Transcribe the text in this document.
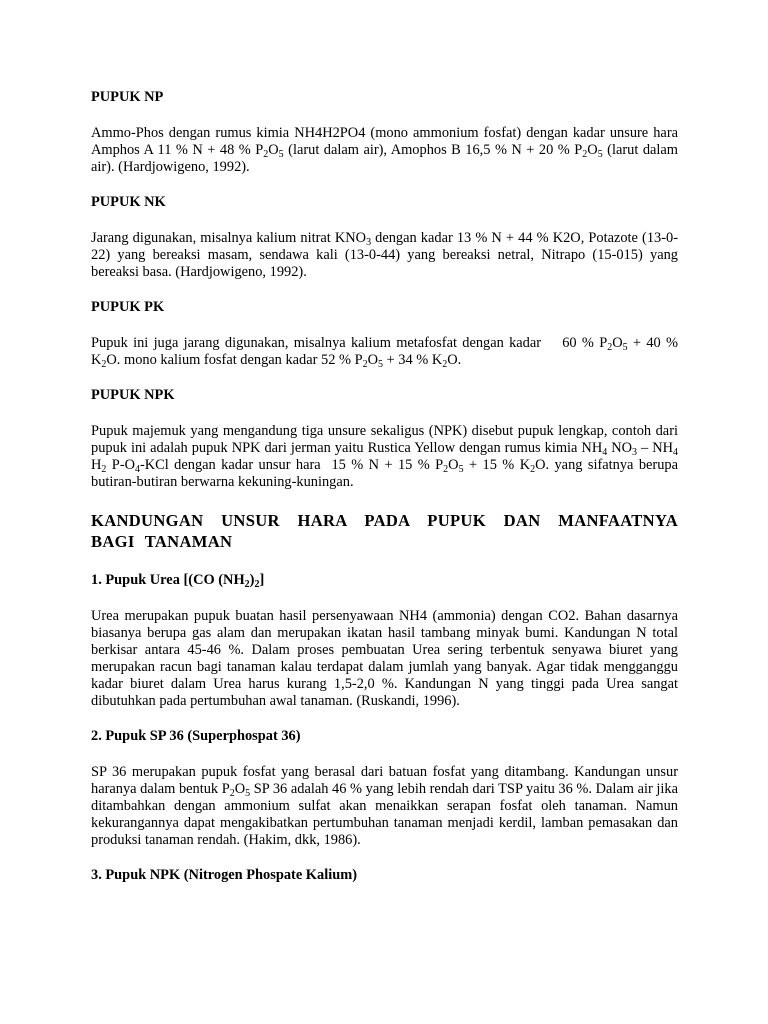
PUPUK NP

Ammo-Phos dengan rumus kimia NH4H2PO4 (mono ammonium fosfat) dengan kadar unsure hara Amphos A 11 % N + 48 % $P_2O_5$ (larut dalam air), Amophos B 16,5 % N + 20 % $P_2O_5$ (larut dalam air). (Hardjowigeno, 1992).

PUPUK NK

Jarang digunakan, misalnya kalium nitrat $KNO_3$ dengan kadar 13 % N + 44 % K2O, Potazote (13-0-22) yang bereaksi masam, sendawa kali (13-0-44) yang bereaksi netral, Nitrapo (15-015) yang bereaksi basa. (Hardjowigeno, 1992).

PUPUK PK

Pupuk ini juga jarang digunakan, misalnya kalium metafosfat dengan kadar    60 % $P_2O_5 + 40$ % $K_2O$. mono kalium fosfat dengan kadar 52 % $P_2O_5 + 34$ % $K_2O$.

PUPUK NPK

Pupuk majemuk yang mengandung tiga unsure sekaligus (NPK) disebut pupuk lengkap, contoh dari pupuk ini adalah pupuk NPK dari jerman yaitu Rustica Yellow dengan rumus kimia $NH_4$ $NO_3 - NH_4$ $H_2$ $P-O_4$-KCl dengan kadar unsur hara  15 % N + 15 % $P_2O_5 + 15$ % $K_2O$. yang sifatnya berupa butiran-butiran berwarna kekuning-kuningan.

KANDUNGAN UNSUR HARA PADA PUPUK DAN MANFAATNYA BAGI TANAMAN

1. Pupuk Urea [(CO $(NH_2)_2$]

Urea merupakan pupuk buatan hasil persenyawaan NH4 (ammonia) dengan CO2. Bahan dasarnya biasanya berupa gas alam dan merupakan ikatan hasil tambang minyak bumi. Kandungan N total berkisar antara 45-46 %. Dalam proses pembuatan Urea sering terbentuk senyawa biuret yang merupakan racun bagi tanaman kalau terdapat dalam jumlah yang banyak. Agar tidak mengganggu kadar biuret dalam Urea harus kurang 1,5-2,0 %. Kandungan N yang tinggi pada Urea sangat dibutuhkan pada pertumbuhan awal tanaman. (Ruskandi, 1996).

2. Pupuk SP 36 (Superphospat 36)

SP 36 merupakan pupuk fosfat yang berasal dari batuan fosfat yang ditambang. Kandungan unsur haranya dalam bentuk $P_2O_5$ SP 36 adalah 46 % yang lebih rendah dari TSP yaitu 36 %. Dalam air jika ditambahkan dengan ammonium sulfat akan menaikkan serapan fosfat oleh tanaman. Namun kekurangannya dapat mengakibatkan pertumbuhan tanaman menjadi kerdil, lamban pemasakan dan produksi tanaman rendah. (Hakim, dkk, 1986).

3. Pupuk NPK (Nitrogen Phospate Kalium)
